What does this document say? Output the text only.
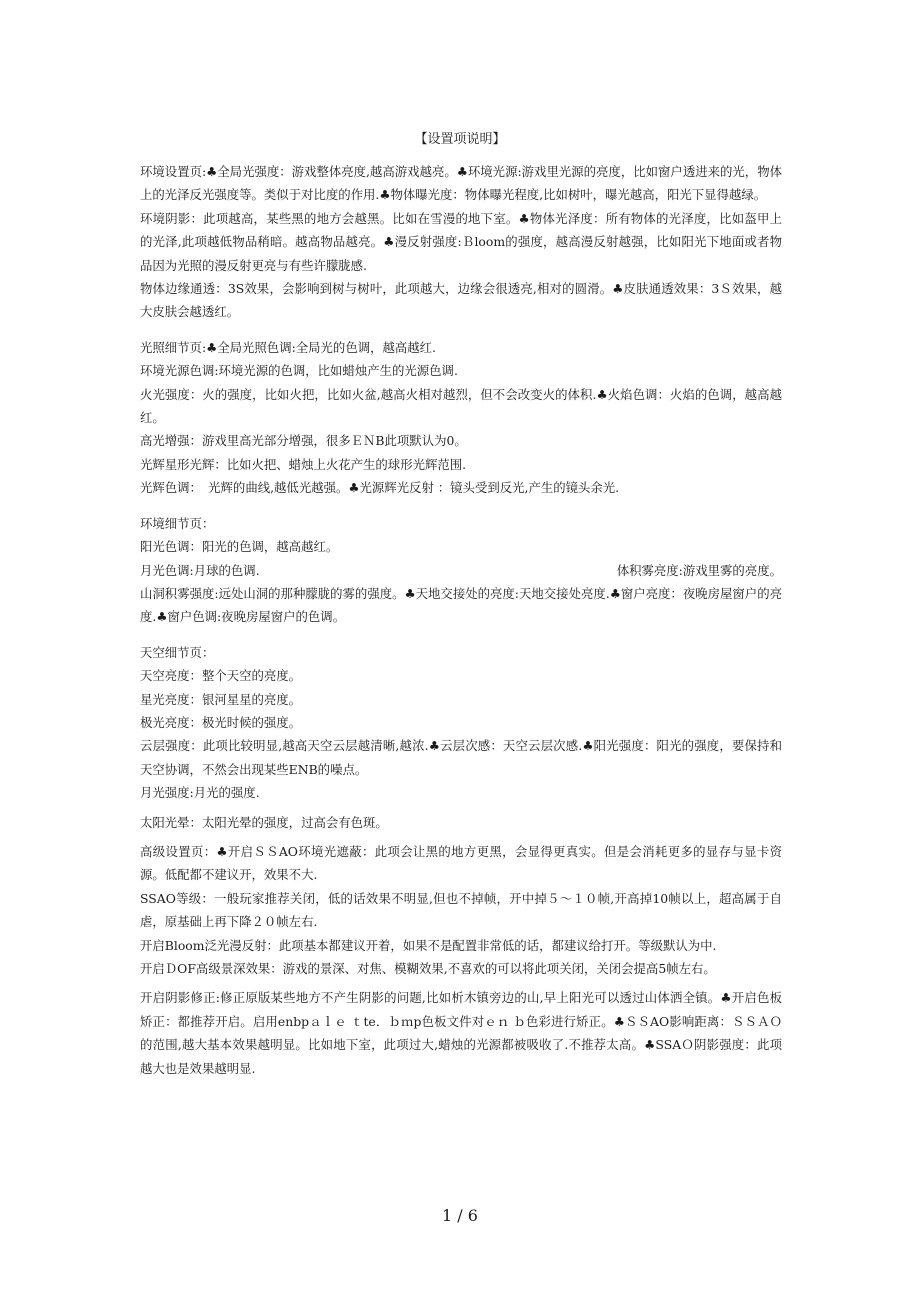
【设置项说明】

环境设置页:♣全局光强度：游戏整体亮度,越高游戏越亮。♣环境光源:游戏里光源的亮度，比如窗户透进来的光，物体上的光泽反光强度等。类似于对比度的作用.♣物体曝光度：物体曝光程度,比如树叶，曝光越高，阳光下显得越绿。

环境阴影：此项越高，某些黑的地方会越黑。比如在雪漫的地下室。♣物体光泽度：所有物体的光泽度，比如盔甲上的光泽,此项越低物品稍暗。越高物品越亮。♣漫反射强度:Ｂloom的强度，越高漫反射越强，比如阳光下地面或者物品因为光照的漫反射更亮与有些许朦胧感.

物体边缘通透：3S效果，会影响到树与树叶，此项越大，边缘会很透亮,相对的圆滑。♣皮肤通透效果：3Ｓ效果，越大皮肤会越透红。

光照细节页:♣全局光照色调:全局光的色调，越高越红.

环境光源色调:环境光源的色调，比如蜡烛产生的光源色调.

火光强度：火的强度，比如火把，比如火盆,越高火相对越烈，但不会改变火的体积.♣火焰色调：火焰的色调，越高越红。

高光增强：游戏里高光部分增强，很多ＥＮB此项默认为0。

光辉星形光辉：比如火把、蜡烛上火花产生的球形光辉范围.

光辉色调：　光辉的曲线,越低光越强。♣光源辉光反射 ：镜头受到反光,产生的镜头余光.

环境细节页：

阳光色调：阳光的色调，越高越红。

月光色调:月球的色调.	体积雾亮度:游戏里雾的亮度。

山洞积雾强度:远处山洞的那种朦胧的雾的强度。♣天地交接处的亮度:天地交接处亮度.♣窗户亮度：夜晚房屋窗户的亮度.♣窗户色调:夜晚房屋窗户的色调。

天空细节页：

天空亮度：整个天空的亮度。

星光亮度：银河星星的亮度。

极光亮度：极光时候的强度。

云层强度：此项比较明显,越高天空云层越清晰,越浓.♣云层次感：天空云层次感.♣阳光强度：阳光的强度，要保持和天空协调，不然会出现某些ENB的噪点。

月光强度:月光的强度.

太阳光晕：太阳光晕的强度，过高会有色斑。

高级设置页：♣开启ＳＳAO环境光遮蔽：此项会让黑的地方更黑，会显得更真实。但是会消耗更多的显存与显卡资源。低配都不建议开，效果不大.

SSAO等级：一般玩家推荐关闭，低的话效果不明显,但也不掉帧，开中掉５～１０帧,开高掉10帧以上，超高属于自虐，原基础上再下降２０帧左右.

开启Bloom泛光漫反射：此项基本都建议开着，如果不是配置非常低的话，都建议给打开。等级默认为中.

开启ＤOF高级景深效果：游戏的景深、对焦、模糊效果,不喜欢的可以将此项关闭，关闭会提高5帧左右。

开启阴影修正:修正原版某些地方不产生阴影的问题,比如析木镇旁边的山,早上阳光可以透过山体洒全镇。♣开启色板矫正：都推荐开启。启用enbpａｌｅ ｔte．ｂｍp色板文件对ｅｎ ｂ色彩进行矫正。♣ＳＳAO影响距离：ＳＳＡＯ的范围,越大基本效果越明显。比如地下室，此项过大,蜡烛的光源都被吸收了.不推荐太高。♣SSAＯ阴影强度：此项越大也是效果越明显.

1 / 6
